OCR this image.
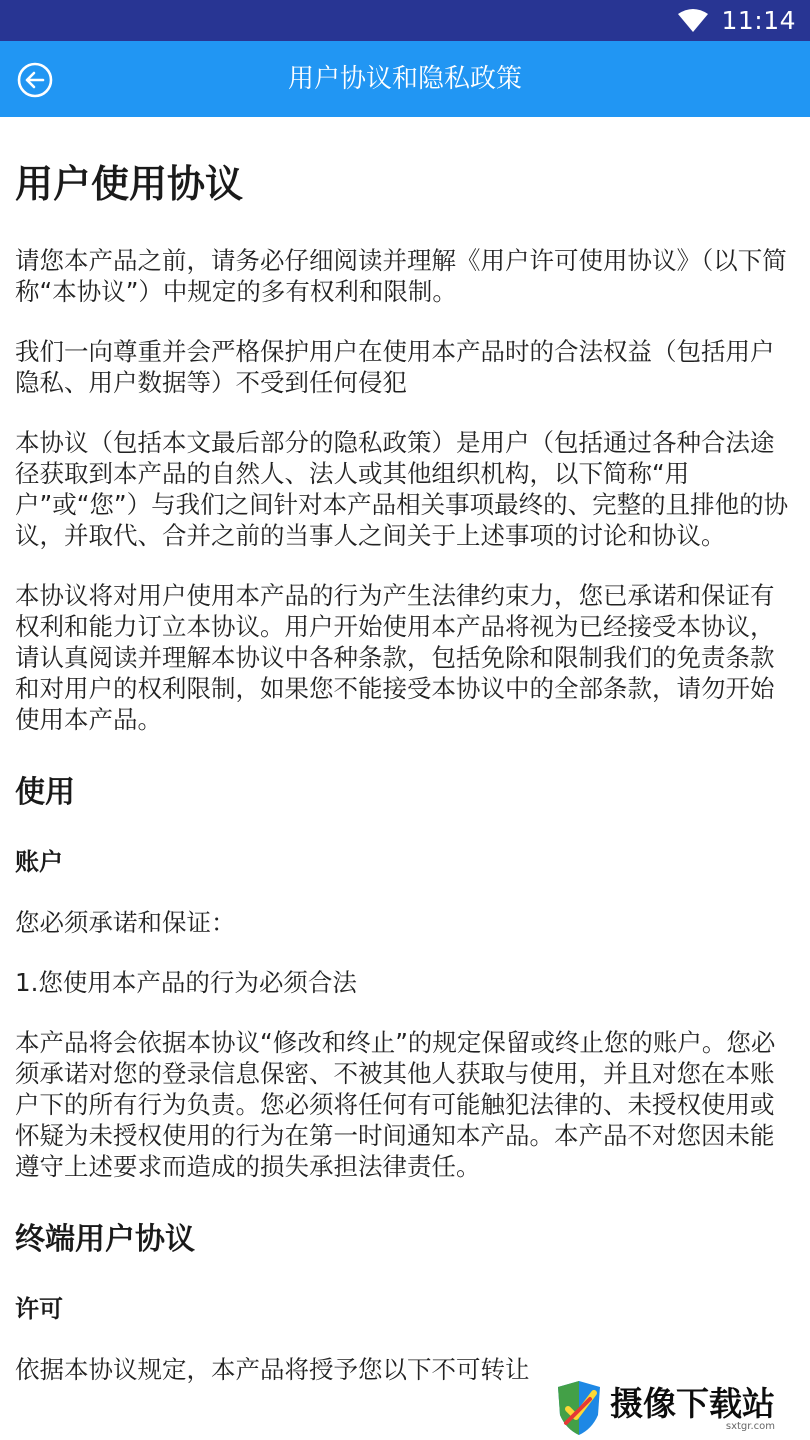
11:14
用户协议和隐私政策
用户使用协议

请您本产品之前，请务必仔细阅读并理解《用户许可使用协议》（以下简称“本协议”）中规定的多有权利和限制。

我们一向尊重并会严格保护用户在使用本产品时的合法权益（包括用户隐私、用户数据等）不受到任何侵犯

本协议（包括本文最后部分的隐私政策）是用户（包括通过各种合法途径获取到本产品的自然人、法人或其他组织机构，以下简称“用户”或“您”）与我们之间针对本产品相关事项最终的、完整的且排他的协议，并取代、合并之前的当事人之间关于上述事项的讨论和协议。

本协议将对用户使用本产品的行为产生法律约束力，您已承诺和保证有权利和能力订立本协议。用户开始使用本产品将视为已经接受本协议，请认真阅读并理解本协议中各种条款，包括免除和限制我们的免责条款和对用户的权利限制，如果您不能接受本协议中的全部条款，请勿开始使用本产品。

使用
账户

您必须承诺和保证：

1.您使用本产品的行为必须合法

本产品将会依据本协议“修改和终止”的规定保留或终止您的账户。您必须承诺对您的登录信息保密、不被其他人获取与使用，并且对您在本账户下的所有行为负责。您必须将任何有可能触犯法律的、未授权使用或怀疑为未授权使用的行为在第一时间通知本产品。本产品不对您因未能遵守上述要求而造成的损失承担法律责任。

终端用户协议
许可

依据本协议规定，本产品将授予您以下不可转让

摄像下载站
sxtgr.com
